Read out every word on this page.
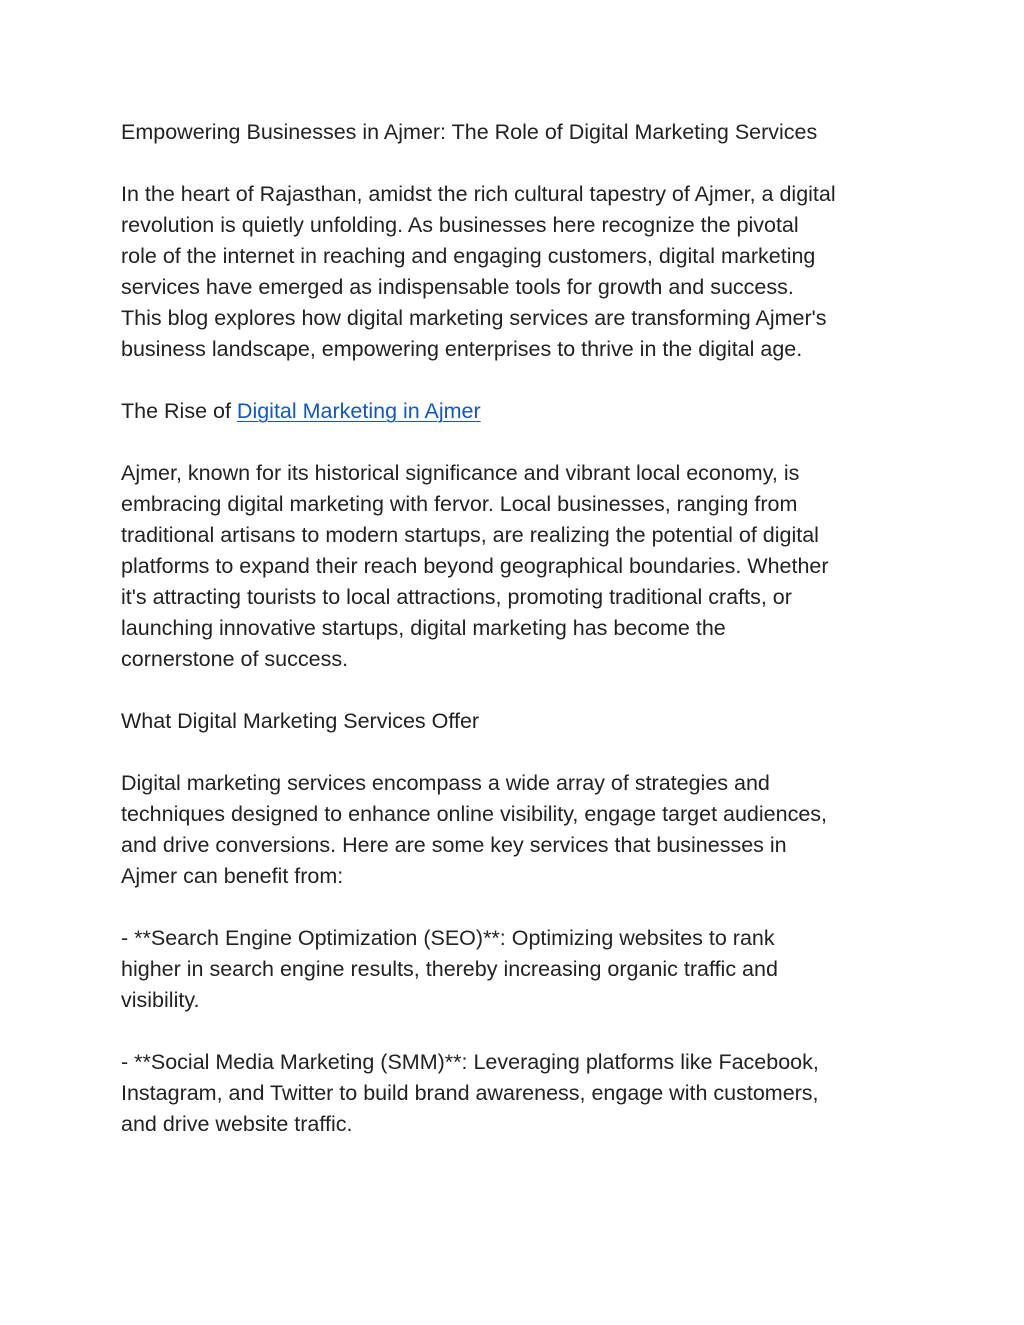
Empowering Businesses in Ajmer: The Role of Digital Marketing Services

In the heart of Rajasthan, amidst the rich cultural tapestry of Ajmer, a digital
revolution is quietly unfolding. As businesses here recognize the pivotal
role of the internet in reaching and engaging customers, digital marketing
services have emerged as indispensable tools for growth and success.
This blog explores how digital marketing services are transforming Ajmer's
business landscape, empowering enterprises to thrive in the digital age.

The Rise of Digital Marketing in Ajmer

Ajmer, known for its historical significance and vibrant local economy, is
embracing digital marketing with fervor. Local businesses, ranging from
traditional artisans to modern startups, are realizing the potential of digital
platforms to expand their reach beyond geographical boundaries. Whether
it's attracting tourists to local attractions, promoting traditional crafts, or
launching innovative startups, digital marketing has become the
cornerstone of success.

What Digital Marketing Services Offer

Digital marketing services encompass a wide array of strategies and
techniques designed to enhance online visibility, engage target audiences,
and drive conversions. Here are some key services that businesses in
Ajmer can benefit from:

- **Search Engine Optimization (SEO)**: Optimizing websites to rank
higher in search engine results, thereby increasing organic traffic and
visibility.

- **Social Media Marketing (SMM)**: Leveraging platforms like Facebook,
Instagram, and Twitter to build brand awareness, engage with customers,
and drive website traffic.
